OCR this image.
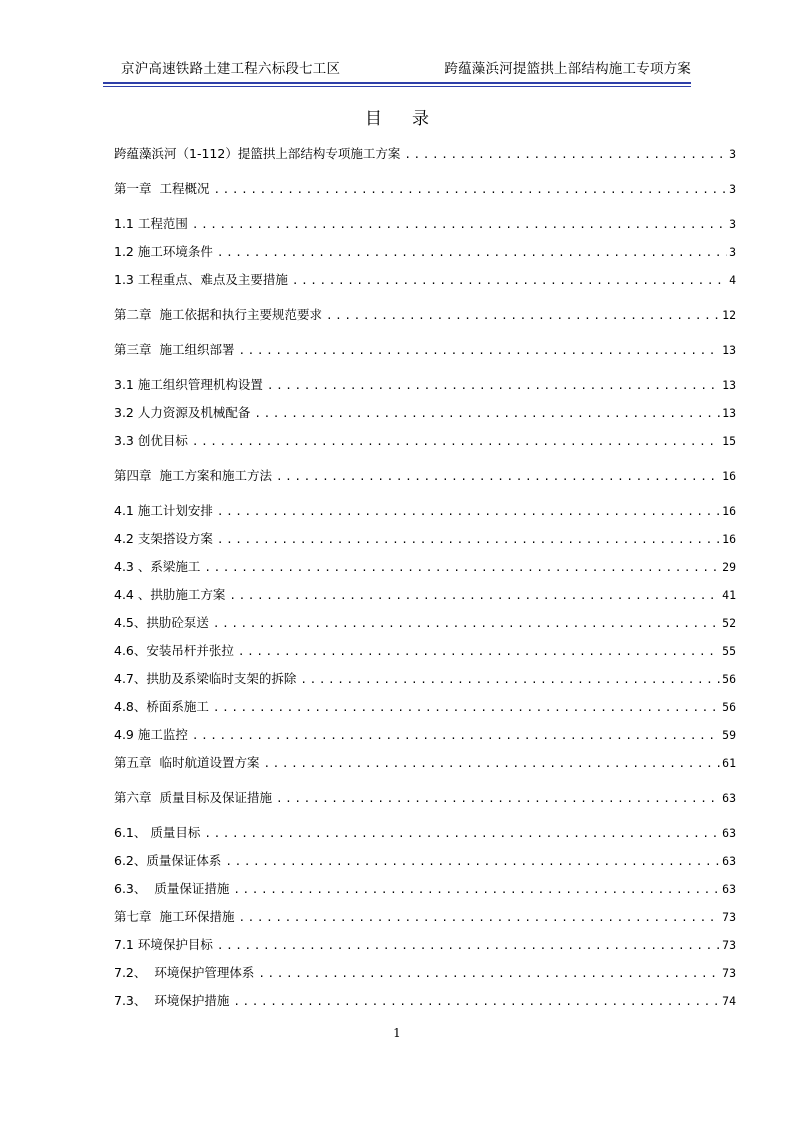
京沪高速铁路土建工程六标段七工区	跨蕴藻浜河提篮拱上部结构施工专项方案
目录
跨蕴藻浜河（1-112）提篮拱上部结构专项施工方案 .....	3
第一章  工程概况 .....	3
1.1 工程范围 .....	3
1.2 施工环境条件 .....	3
1.3 工程重点、难点及主要措施 .....	4
第二章  施工依据和执行主要规范要求 .....	12
第三章  施工组织部署 .....	13
3.1 施工组织管理机构设置 .....	13
3.2 人力资源及机械配备 .....	13
3.3 创优目标 .....	15
第四章  施工方案和施工方法 .....	16
4.1 施工计划安排 .....	16
4.2 支架搭设方案 .....	16
4.3 、系梁施工 .....	29
4.4 、拱肋施工方案 .....	41
4.5、拱肋砼泵送 .....	52
4.6、安装吊杆并张拉 .....	55
4.7、拱肋及系梁临时支架的拆除 .....	56
4.8、桥面系施工 .....	56
4.9 施工监控 .....	59
第五章  临时航道设置方案 .....	61
第六章  质量目标及保证措施 .....	63
6.1、 质量目标 .....	63
6.2、质量保证体系 .....	63
6.3、  质量保证措施 .....	63
第七章  施工环保措施 .....	73
7.1 环境保护目标 .....	73
7.2、  环境保护管理体系 .....	73
7.3、  环境保护措施 .....	74
1
